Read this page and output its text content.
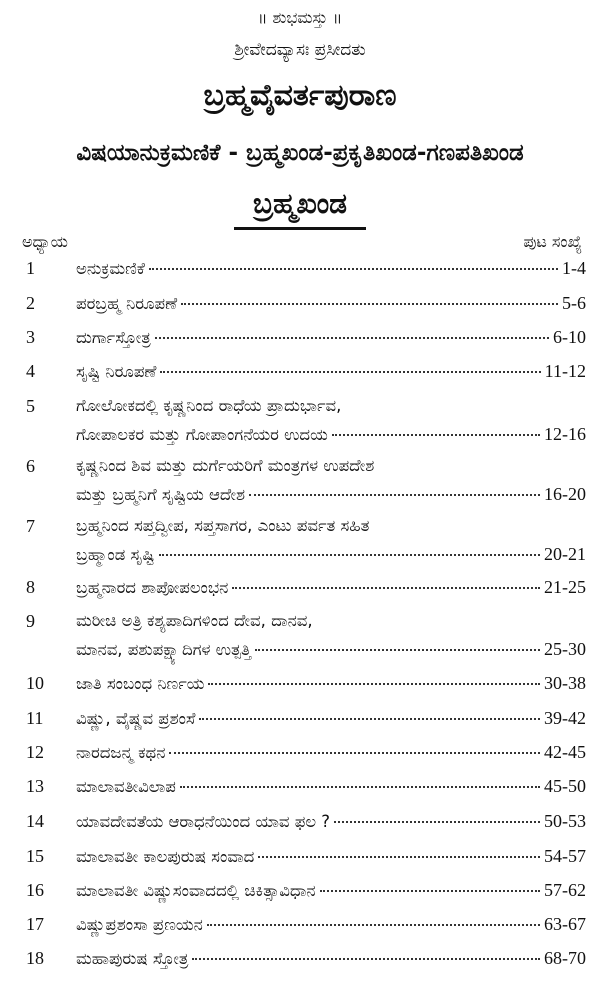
॥ ಶುಭಮಸ್ತು ॥
ಶ್ರೀವೇದವ್ಯಾಸಃ ಪ್ರಸೀದತು
ಬ್ರಹ್ಮವೈವರ್ತಪುರಾಣ
ವಿಷಯಾನುಕ್ರಮಣಿಕೆ - ಬ್ರಹ್ಮಖಂಡ-ಪ್ರಕೃತಿಖಂಡ-ಗಣಪತಿಖಂಡ
ಬ್ರಹ್ಮಖಂಡ
ಅಧ್ಯಾಯ	ಪುಟ ಸಂಖ್ಯೆ
1	ಅನುಕ್ರಮಣಿಕೆ	1-4
2	ಪರಬ್ರಹ್ಮ ನಿರೂಪಣೆ	5-6
3	ದುರ್ಗಾಸ್ತೋತ್ರ	6-10
4	ಸೃಷ್ಟಿ ನಿರೂಪಣೆ	11-12
5	ಗೋಲೋಕದಲ್ಲಿ ಕೃಷ್ಣನಿಂದ ರಾಧೆಯ ಪ್ರಾದುರ್ಭಾವ,
ಗೋಪಾಲಕರ ಮತ್ತು ಗೋಪಾಂಗನೆಯರ ಉದಯ	12-16
6	ಕೃಷ್ಣನಿಂದ ಶಿವ ಮತ್ತು ದುರ್ಗೆಯರಿಗೆ ಮಂತ್ರಗಳ ಉಪದೇಶ
ಮತ್ತು ಬ್ರಹ್ಮನಿಗೆ ಸೃಷ್ಟಿಯ ಆದೇಶ	16-20
7	ಬ್ರಹ್ಮನಿಂದ ಸಪ್ತದ್ವೀಪ, ಸಪ್ತಸಾಗರ, ಎಂಟು ಪರ್ವತ ಸಹಿತ
ಬ್ರಹ್ಮಾಂಡ ಸೃಷ್ಟಿ	20-21
8	ಬ್ರಹ್ಮನಾರದ ಶಾಪೋಪಲಂಭನ	21-25
9	ಮರೀಚಿ ಅತ್ರಿ ಕಶ್ಯಪಾದಿಗಳಿಂದ ದೇವ, ದಾನವ,
ಮಾನವ, ಪಶುಪಕ್ಷ್ಯಾದಿಗಳ ಉತ್ಪತ್ತಿ	25-30
10	ಜಾತಿ ಸಂಬಂಧ ನಿರ್ಣಯ	30-38
11	ವಿಷ್ಣು, ವೈಷ್ಣವ ಪ್ರಶಂಸೆ	39-42
12	ನಾರದಜನ್ಮ ಕಥನ	42-45
13	ಮಾಲಾವತೀವಿಲಾಪ	45-50
14	ಯಾವದೇವತೆಯ ಆರಾಧನೆಯಿಂದ ಯಾವ ಫಲ ?	50-53
15	ಮಾಲಾವತೀ ಕಾಲಪುರುಷ ಸಂವಾದ	54-57
16	ಮಾಲಾವತೀ ವಿಷ್ಣುಸಂವಾದದಲ್ಲಿ ಚಿಕಿತ್ಸಾವಿಧಾನ	57-62
17	ವಿಷ್ಣುಪ್ರಶಂಸಾ ಪ್ರಣಯನ	63-67
18	ಮಹಾಪುರುಷ ಸ್ತೋತ್ರ	68-70
